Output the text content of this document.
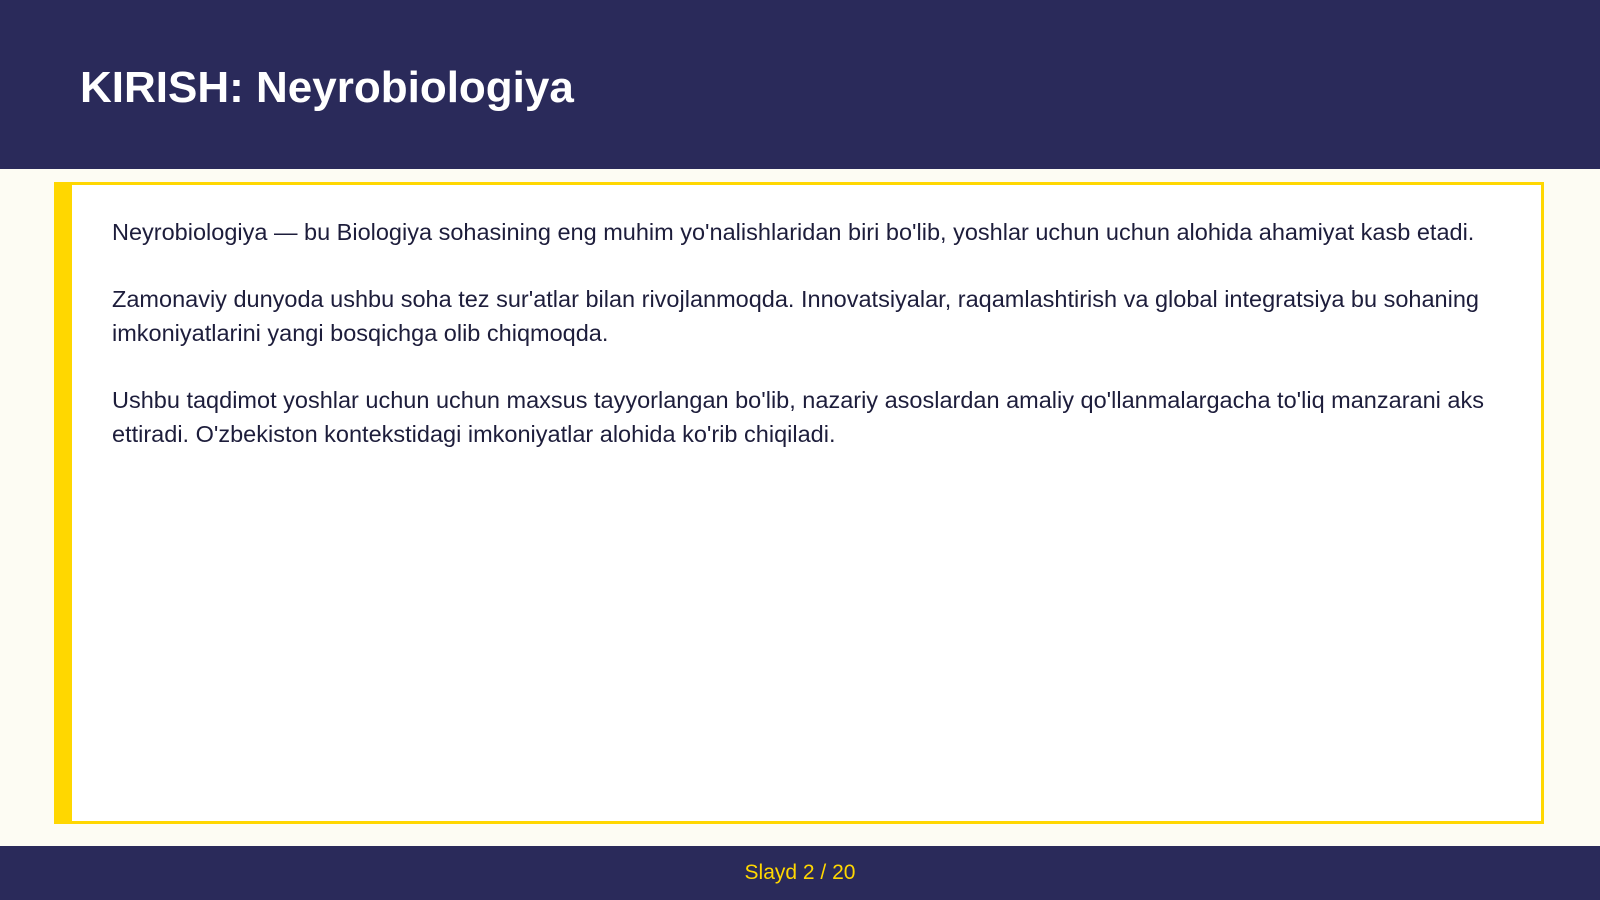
KIRISH: Neyrobiologiya

Neyrobiologiya — bu Biologiya sohasining eng muhim yo'nalishlaridan biri bo'lib, yoshlar uchun uchun alohida ahamiyat kasb etadi.

Zamonaviy dunyoda ushbu soha tez sur'atlar bilan rivojlanmoqda. Innovatsiyalar, raqamlashtirish va global integratsiya bu sohaning imkoniyatlarini yangi bosqichga olib chiqmoqda.

Ushbu taqdimot yoshlar uchun uchun maxsus tayyorlangan bo'lib, nazariy asoslardan amaliy qo'llanmalargacha to'liq manzarani aks ettiradi. O'zbekiston kontekstidagi imkoniyatlar alohida ko'rib chiqiladi.

Slayd 2 / 20
